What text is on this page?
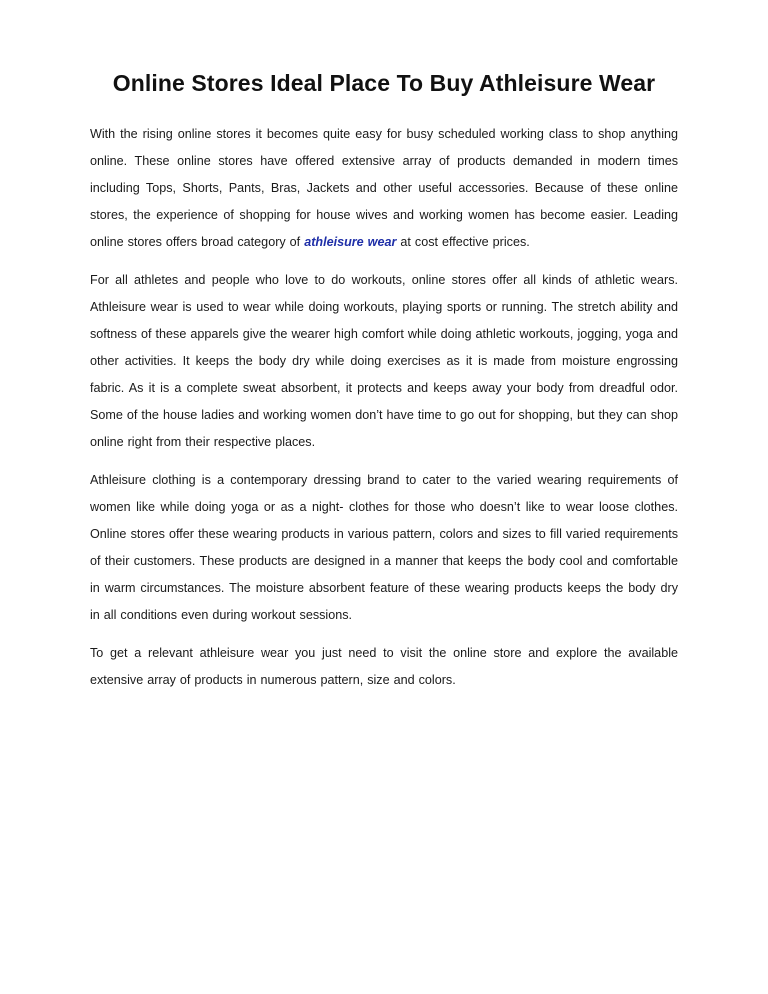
Online Stores Ideal Place To Buy Athleisure Wear

With the rising online stores it becomes quite easy for busy scheduled working class to shop anything online. These online stores have offered extensive array of products demanded in modern times including Tops, Shorts, Pants, Bras, Jackets and other useful accessories. Because of these online stores, the experience of shopping for house wives and working women has become easier. Leading online stores offers broad category of athleisure wear at cost effective prices.

For all athletes and people who love to do workouts, online stores offer all kinds of athletic wears. Athleisure wear is used to wear while doing workouts, playing sports or running. The stretch ability and softness of these apparels give the wearer high comfort while doing athletic workouts, jogging, yoga and other activities. It keeps the body dry while doing exercises as it is made from moisture engrossing fabric. As it is a complete sweat absorbent, it protects and keeps away your body from dreadful odor. Some of the house ladies and working women don’t have time to go out for shopping, but they can shop online right from their respective places.

Athleisure clothing is a contemporary dressing brand to cater to the varied wearing requirements of women like while doing yoga or as a night- clothes for those who doesn’t like to wear loose clothes. Online stores offer these wearing products in various pattern, colors and sizes to fill varied requirements of their customers. These products are designed in a manner that keeps the body cool and comfortable in warm circumstances. The moisture absorbent feature of these wearing products keeps the body dry in all conditions even during workout sessions.

To get a relevant athleisure wear you just need to visit the online store and explore the available extensive array of products in numerous pattern, size and colors.
